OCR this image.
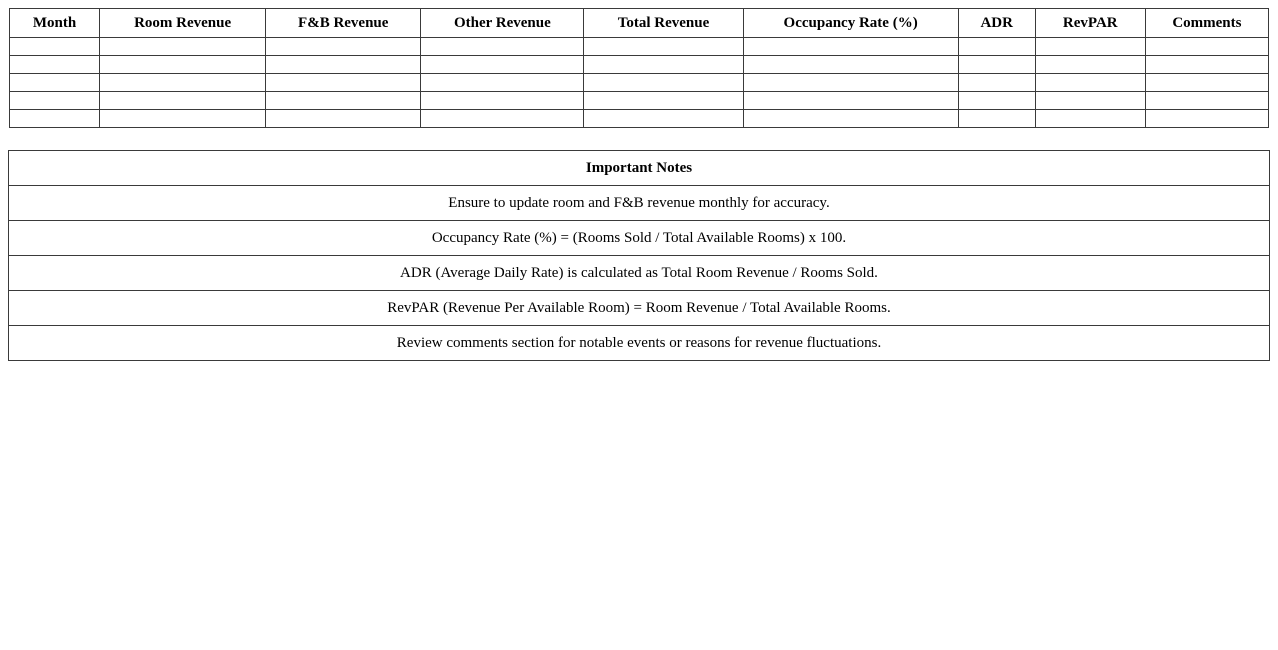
Month	Room Revenue	F&B Revenue	Other Revenue	Total Revenue	Occupancy Rate (%)	ADR	RevPAR	Comments

Important Notes
Ensure to update room and F&B revenue monthly for accuracy.
Occupancy Rate (%) = (Rooms Sold / Total Available Rooms) x 100.
ADR (Average Daily Rate) is calculated as Total Room Revenue / Rooms Sold.
RevPAR (Revenue Per Available Room) = Room Revenue / Total Available Rooms.
Review comments section for notable events or reasons for revenue fluctuations.
